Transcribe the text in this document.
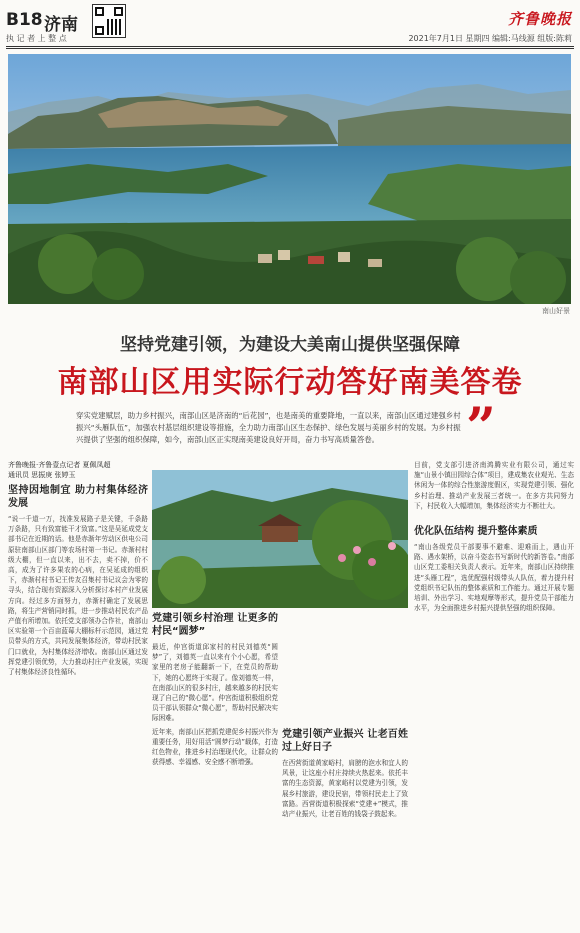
B18 济南	齐鲁晚报
执 记 者 上 整 点	2021年7月1日 星期四 编辑:马线源 组版:陈莉
南山好景
坚持党建引领，为建设大美南山提供坚强保障
南部山区用实际行动答好南美答卷
”
穿实党建赋层，助力乡村振兴，南部山区是济南的“后花园”，也是南美的重要降地，一直以来，南部山区通过建强乡村振兴“头雁队伍”，加强农村基层组织建设等措施，全力助力南部山区生态保护、绿色发展与美丽乡村的发展。为乡村振兴提供了坚强的组织保障，如今，南部山区正实现南美建设良好开局，奋力书写高质量答卷。
齐鲁晚报·齐鲁壹点记者 夏佩凤超
通讯员 思振庚 张婷玉
坚持因地制宜 助力村集体经济发展
“说一千道一万，找准发展路子是关键，千条路万条路，只有致富能干才致富。”这是吴延成党支部书记在近期的话。他是赤渐年劳动区供电公司原驻南部山区部门等农场村第一书记。赤渐村村级大棚，但一直以来，出不去，卖不掉，价不高，成为了许多果农的心病，在吴延成的组织下，赤渐村村书记王传友召集村书记议会为零的寻头，结合现有资源深入分析探讨本村产业发展方向。经过多方面努力，赤渐村确定了发展思路，将生产营销同时抓，进一步推动村民农产品产值有所增加。依托党支部领办合作社，南部山区实验第一个百亩蓝莓大棚标杆示范园，通过党员带头的方式，共同发展集体经济，带动村民家门口就业，为村集体经济增收。南部山区通过发挥党建引领优势，大力推动村庄产业发展，实现了村集体经济良性循环。
党建引领乡村治理 让更多的村民“圆梦”
最近，仲宫街道邱家村的村民刘德英“圆梦”了，刘德英一直以来有个小心愿，希望家里的老房子能翻新一下，在党员的帮助下，她的心愿终于实现了。像刘德英一样，在南部山区的很多村庄，越来越多的村民实现了自己的“微心愿”。仲宫街道积极组织党员干部认领群众“微心愿”，帮助村民解决实际困难。
近年来，南部山区把抓党建促乡村振兴作为重要任务，用好用活“圆梦行动”载体，打造红色物业，推进乡村治理现代化，让群众的获得感、幸福感、安全感不断增强。
党建引领产业振兴 让老百姓过上好日子
在西营街道黄家峪村，肩膀的泡水和宜人的风景，让这座小村庄持续火热起来。依托丰富的生态资源，黄家峪村以党建为引领，发展乡村旅游，建设民宿，带领村民走上了致富路。西营街道积极探索“党建+”模式，推动产业振兴，让老百姓的钱袋子鼓起来。
目前，党支部引进济南鸿腾实业有限公司，通过实施“山景小镇田园综合体”项目，建成集农业观光、生态休闲为一体的综合性旅游度假区，实现党建引领、强化乡村治理、推动产业发展三者统一。在多方共同努力下，村民收入大幅增加，集体经济实力不断壮大。
优化队伍结构 提升整体素质
“南山各级党员干部要事不避难、迎难而上，遇山开路、遇水架桥，以奋斗姿态书写新时代的新答卷。”南部山区党工委相关负责人表示。近年来，南部山区持续推进“头雁工程”，选优配强村级带头人队伍，着力提升村党组织书记队伍的整体素质和工作能力。通过开展专题培训、外出学习、实地观摩等形式，提升党员干部能力水平，为全面推进乡村振兴提供坚强的组织保障。
